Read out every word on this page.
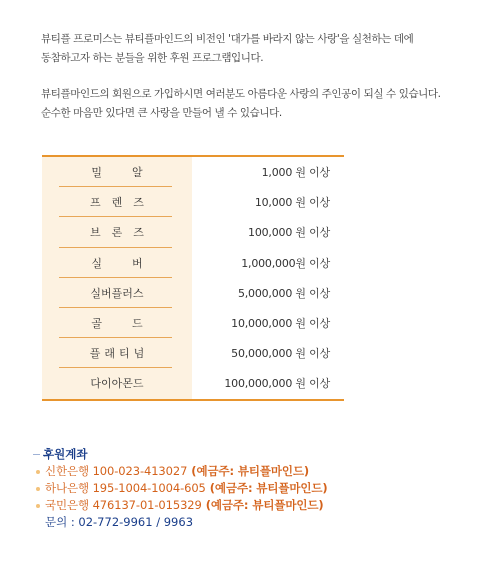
뷰티플 프로미스는 뷰티플마인드의 비전인 '대가를 바라지 않는 사랑'을 실천하는 데에
동참하고자 하는 분들을 위한 후원 프로그램입니다.

뷰티플마인드의 회원으로 가입하시면 여러분도 아름다운 사랑의 주인공이 되실 수 있습니다.
순수한 마음만 있다면 큰 사랑을 만들어 낼 수 있습니다.

밀알	1,000 원 이상
프렌즈	10,000 원 이상
브론즈	100,000 원 이상
실버	1,000,000원 이상
실버플러스	5,000,000 원 이상
골드	10,000,000 원 이상
플래티넘	50,000,000 원 이상
다이아몬드	100,000,000 원 이상
후원계좌
신한은행 100-023-413027 (예금주: 뷰티플마인드)
하나은행 195-1004-1004-605 (예금주: 뷰티플마인드)
국민은행 476137-01-015329 (예금주: 뷰티플마인드)
문의 : 02-772-9961 / 9963
